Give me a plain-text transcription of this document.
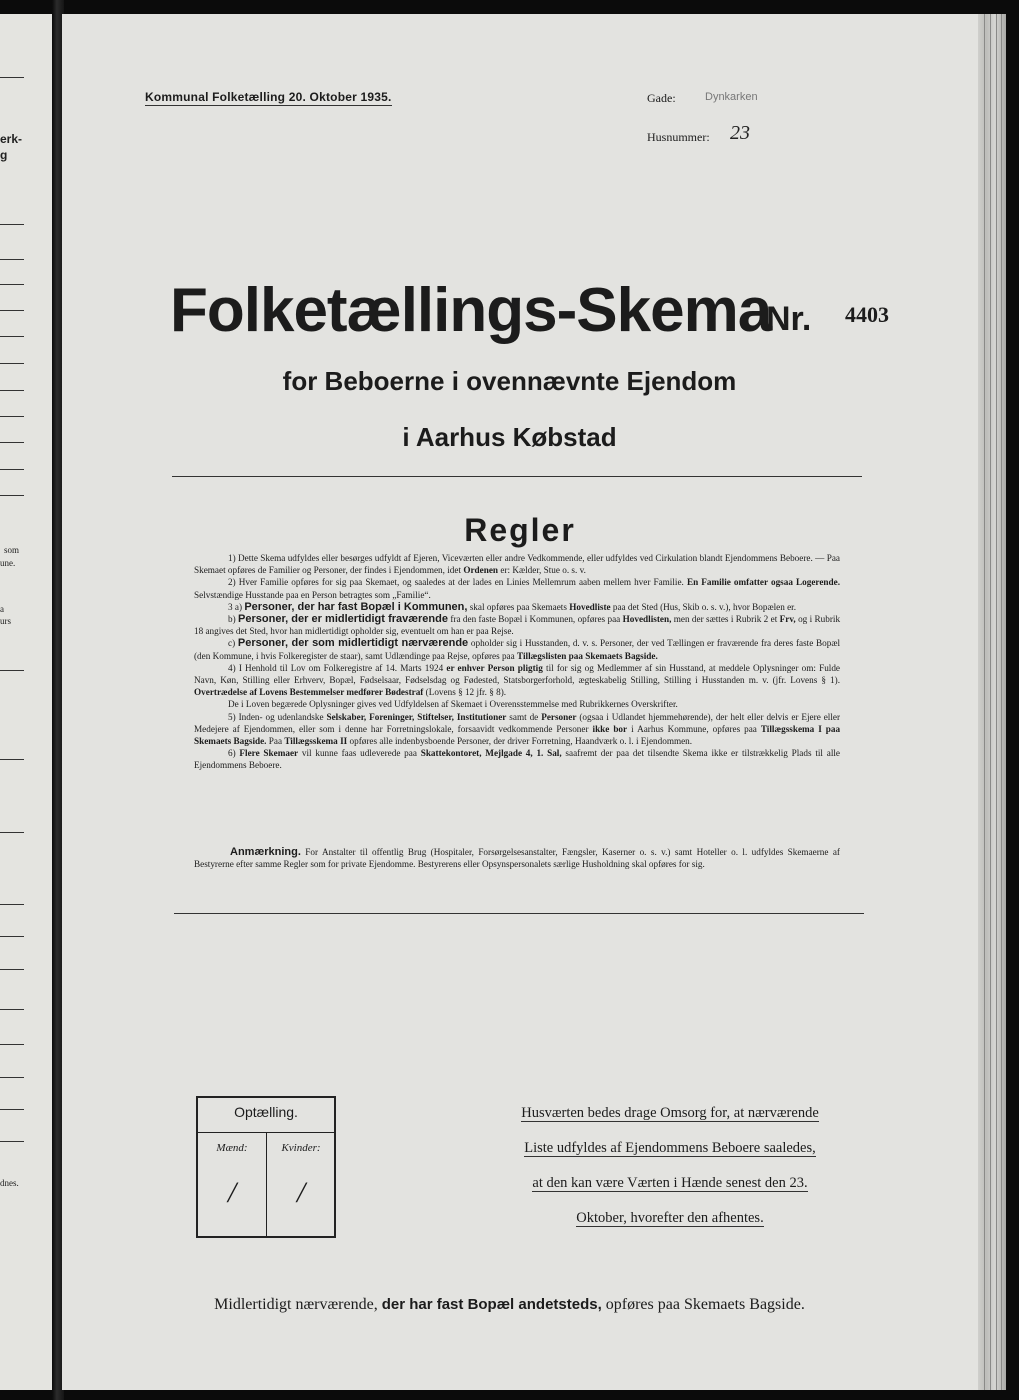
erk-
g
som
une.
a
urs
dnes.
Kommunal Folketælling 20. Oktober 1935.	Gade:	Dynkarken
Husnummer: 23
Folketællings-Skema
Nr. 4403
for Beboerne i ovennævnte Ejendom
i Aarhus Købstad
Regler

1) Dette Skema udfyldes eller besørges udfyldt af Ejeren, Viceværten eller andre Vedkommende, eller udfyldes ved Cirkulation blandt Ejendommens Beboere. — Paa Skemaet opføres de Familier og Personer, der findes i Ejendommen, idet Ordenen er: Kælder, Stue o. s. v.

2) Hver Familie opføres for sig paa Skemaet, og saaledes at der lades en Linies Mellemrum aaben mellem hver Familie. En Familie omfatter ogsaa Logerende. Selvstændige Husstande paa en Person betragtes som „Familie“.

3 a) Personer, der har fast Bopæl i Kommunen, skal opføres paa Skemaets Hovedliste paa det Sted (Hus, Skib o. s. v.), hvor Bopælen er.

b) Personer, der er midlertidigt fraværende fra den faste Bopæl i Kommunen, opføres paa Hovedlisten, men der sættes i Rubrik 2 et Frv, og i Rubrik 18 angives det Sted, hvor han midlertidigt opholder sig, eventuelt om han er paa Rejse.

c) Personer, der som midlertidigt nærværende opholder sig i Husstanden, d. v. s. Personer, der ved Tællingen er fraværende fra deres faste Bopæl (den Kommune, i hvis Folkeregister de staar), samt Udlændinge paa Rejse, opføres paa Tillægslisten paa Skemaets Bagside.

4) I Henhold til Lov om Folkeregistre af 14. Marts 1924 er enhver Person pligtig til for sig og Medlemmer af sin Husstand, at meddele Oplysninger om: Fulde Navn, Køn, Stilling eller Erhverv, Bopæl, Fødselsaar, Fødselsdag og Fødested, Statsborgerforhold, ægteskabelig Stilling, Stilling i Husstanden m. v. (jfr. Lovens § 1). Overtrædelse af Lovens Bestemmelser medfører Bødestraf (Lovens § 12 jfr. § 8).

De i Loven begærede Oplysninger gives ved Udfyldelsen af Skemaet i Overensstemmelse med Rubrikkernes Overskrifter.

5) Inden- og udenlandske Selskaber, Foreninger, Stiftelser, Institutioner samt de Personer (ogsaa i Udlandet hjemmehørende), der helt eller delvis er Ejere eller Medejere af Ejendommen, eller som i denne har Forretningslokale, forsaavidt vedkommende Personer ikke bor i Aarhus Kommune, opføres paa Tillægsskema I paa Skemaets Bagside. Paa Tillægsskema II opføres alle indenbysboende Personer, der driver Forretning, Haandværk o. l. i Ejendommen.

6) Flere Skemaer vil kunne faas udleverede paa Skattekontoret, Mejlgade 4, 1. Sal, saafremt der paa det tilsendte Skema ikke er tilstrækkelig Plads til alle Ejendommens Beboere.

Anmærkning. For Anstalter til offentlig Brug (Hospitaler, Forsørgelsesanstalter, Fængsler, Kaserner o. s. v.) samt Hoteller o. l. udfyldes Skemaerne af Bestyrerne efter samme Regler som for private Ejendomme. Bestyrerens eller Opsynspersonalets særlige Husholdning skal opføres for sig.

Optælling.
Mænd:	Kvinder:
/	/
Husværten bedes drage Omsorg for, at nærværende
Liste udfyldes af Ejendommens Beboere saaledes,
at den kan være Værten i Hænde senest den 23.
Oktober, hvorefter den afhentes.
Midlertidigt nærværende, der har fast Bopæl andetsteds, opføres paa Skemaets Bagside.
